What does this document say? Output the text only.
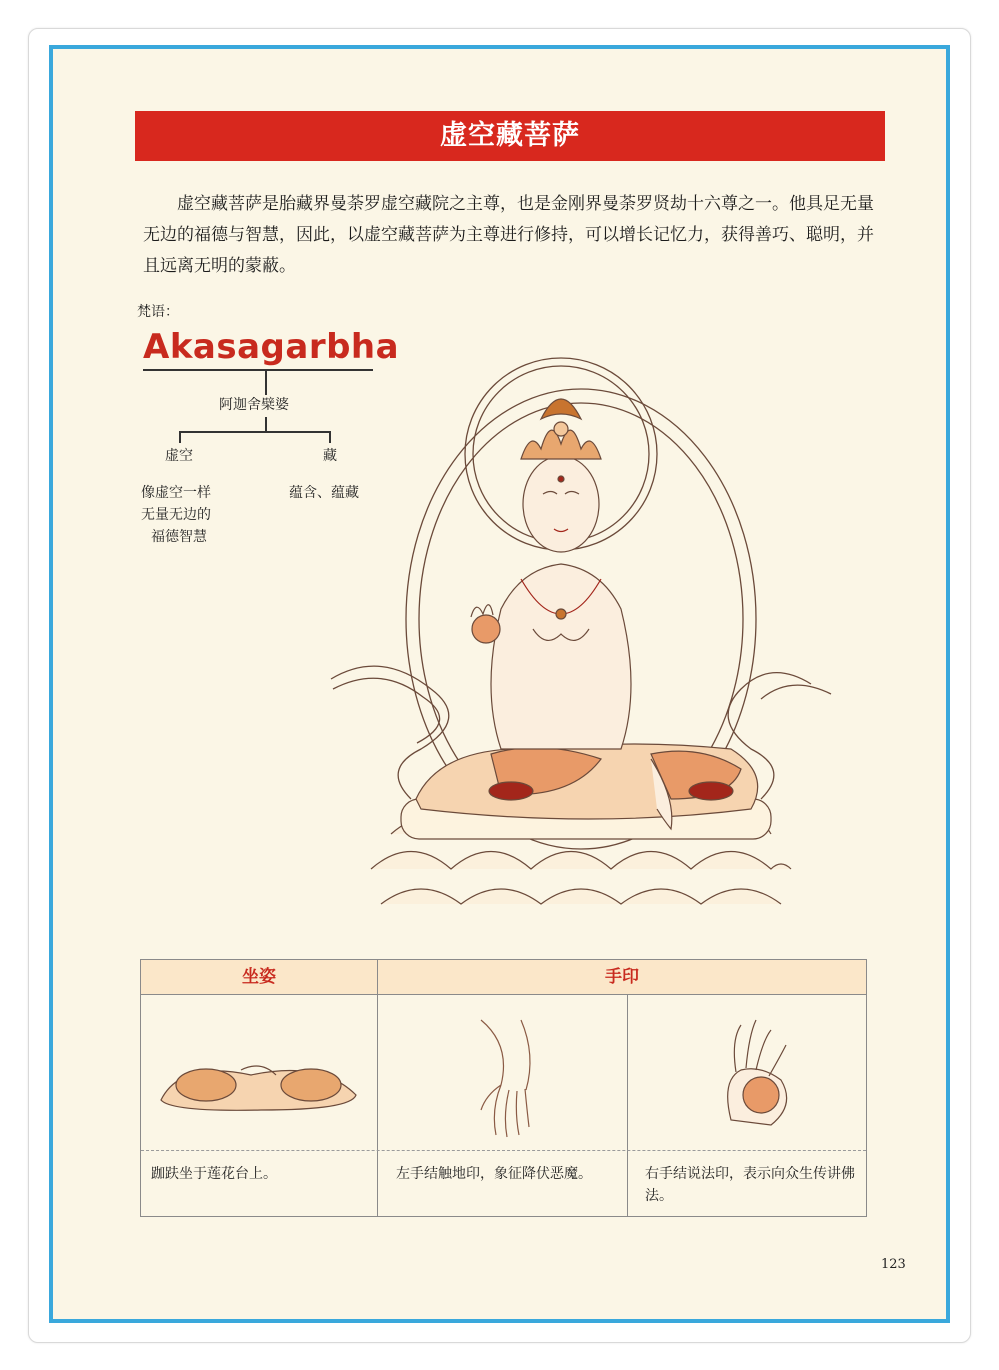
虚空藏菩萨

虚空藏菩萨是胎藏界曼荼罗虚空藏院之主尊，也是金刚界曼荼罗贤劫十六尊之一。他具足无量无边的福德与智慧，因此，以虚空藏菩萨为主尊进行修持，可以增长记忆力，获得善巧、聪明，并且远离无明的蒙蔽。

梵语：
Akasagarbha
阿迦舍檗婆
虚空	藏
像虚空一样
无量无边的
福德智慧
蕴含、蕴藏
坐姿	手印
跏趺坐于莲花台上。	左手结触地印，象征降伏恶魔。	右手结说法印，表示向众生传讲佛法。
123
